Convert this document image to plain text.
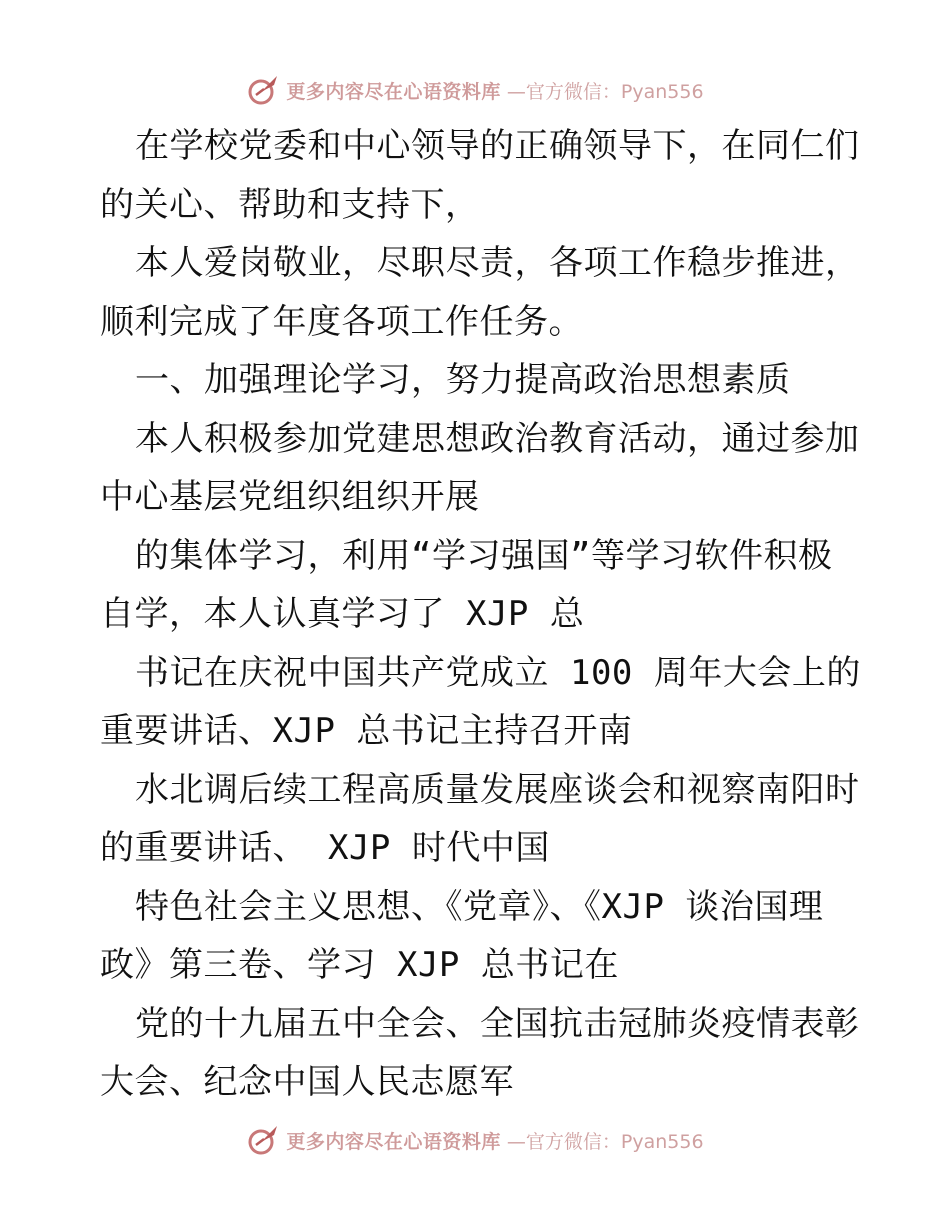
更多内容尽在心语资料库 —官方微信：Pyan556
在学校党委和中心领导的正确领导下，在同仁们
的关心、帮助和支持下，
本人爱岗敬业，尽职尽责，各项工作稳步推进，
顺利完成了年度各项工作任务。
一、加强理论学习，努力提高政治思想素质
本人积极参加党建思想政治教育活动，通过参加
中心基层党组织组织开展
的集体学习，利用“学习强国”等学习软件积极
自学，本人认真学习了 XJP 总
书记在庆祝中国共产党成立 100 周年大会上的
重要讲话、XJP 总书记主持召开南
水北调后续工程高质量发展座谈会和视察南阳时
的重要讲话、 XJP 时代中国
特色社会主义思想、《党章》、《XJP 谈治国理
政》第三卷、学习 XJP 总书记在
党的十九届五中全会、全国抗击冠肺炎疫情表彰
大会、纪念中国人民志愿军
更多内容尽在心语资料库 —官方微信：Pyan556
